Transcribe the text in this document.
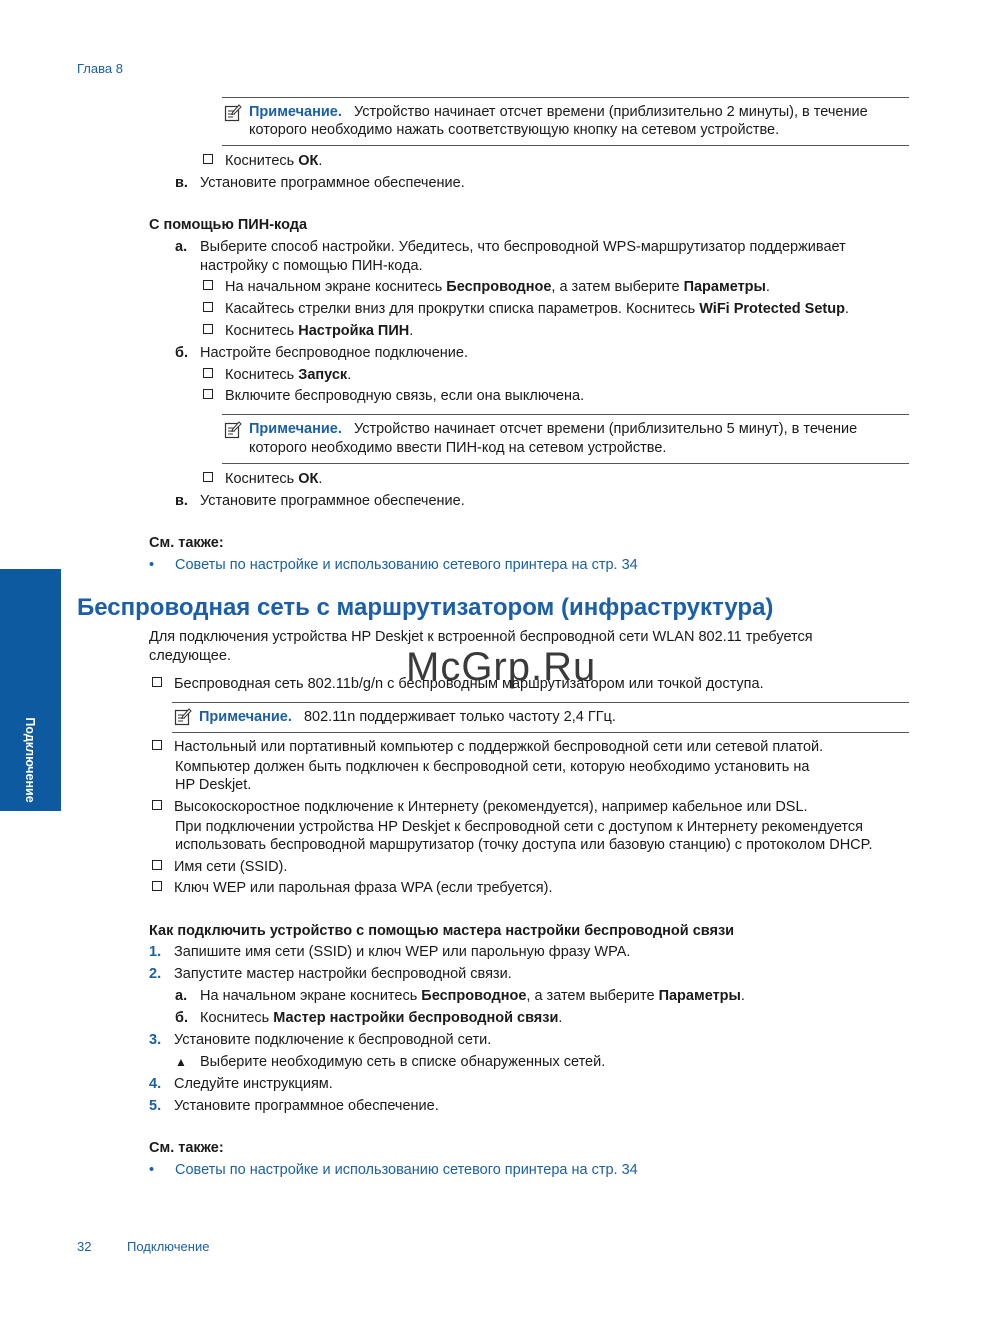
Глава 8
Подключение
Примечание. Устройство начинает отсчет времени (приблизительно 2 минуты), в течение
которого необходимо нажать соответствующую кнопку на сетевом устройстве.
Коснитесь ОК.
в. Установите программное обеспечение.
С помощью ПИН-кода
а. Выберите способ настройки. Убедитесь, что беспроводной WPS-маршрутизатор поддерживает
настройку с помощью ПИН-кода.
На начальном экране коснитесь Беспроводное, а затем выберите Параметры.
Касайтесь стрелки вниз для прокрутки списка параметров. Коснитесь WiFi Protected Setup.
Коснитесь Настройка ПИН.
б. Настройте беспроводное подключение.
Коснитесь Запуск.
Включите беспроводную связь, если она выключена.
Примечание. Устройство начинает отсчет времени (приблизительно 5 минут), в течение
которого необходимо ввести ПИН-код на сетевом устройстве.
Коснитесь ОК.
в. Установите программное обеспечение.
См. также:
• Советы по настройке и использованию сетевого принтера на стр. 34
Беспроводная сеть с маршрутизатором (инфраструктура)
Для подключения устройства HP Deskjet к встроенной беспроводной сети WLAN 802.11 требуется
следующее.	McGrp.Ru
Беспроводная сеть 802.11b/g/n с беспроводным маршрутизатором или точкой доступа.
Примечание. 802.11n поддерживает только частоту 2,4 ГГц.
Настольный или портативный компьютер с поддержкой беспроводной сети или сетевой платой.
Компьютер должен быть подключен к беспроводной сети, которую необходимо установить на
HP Deskjet.
Высокоскоростное подключение к Интернету (рекомендуется), например кабельное или DSL.
При подключении устройства HP Deskjet к беспроводной сети с доступом к Интернету рекомендуется
использовать беспроводной маршрутизатор (точку доступа или базовую станцию) с протоколом DHCP.
Имя сети (SSID).
Ключ WEP или парольная фраза WPA (если требуется).
Как подключить устройство с помощью мастера настройки беспроводной связи
1. Запишите имя сети (SSID) и ключ WEP или парольную фразу WPA.
2. Запустите мастер настройки беспроводной связи.
а. На начальном экране коснитесь Беспроводное, а затем выберите Параметры.
б. Коснитесь Мастер настройки беспроводной связи.
3. Установите подключение к беспроводной сети.
▲ Выберите необходимую сеть в списке обнаруженных сетей.
4. Следуйте инструкциям.
5. Установите программное обеспечение.
См. также:
• Советы по настройке и использованию сетевого принтера на стр. 34
32	Подключение
